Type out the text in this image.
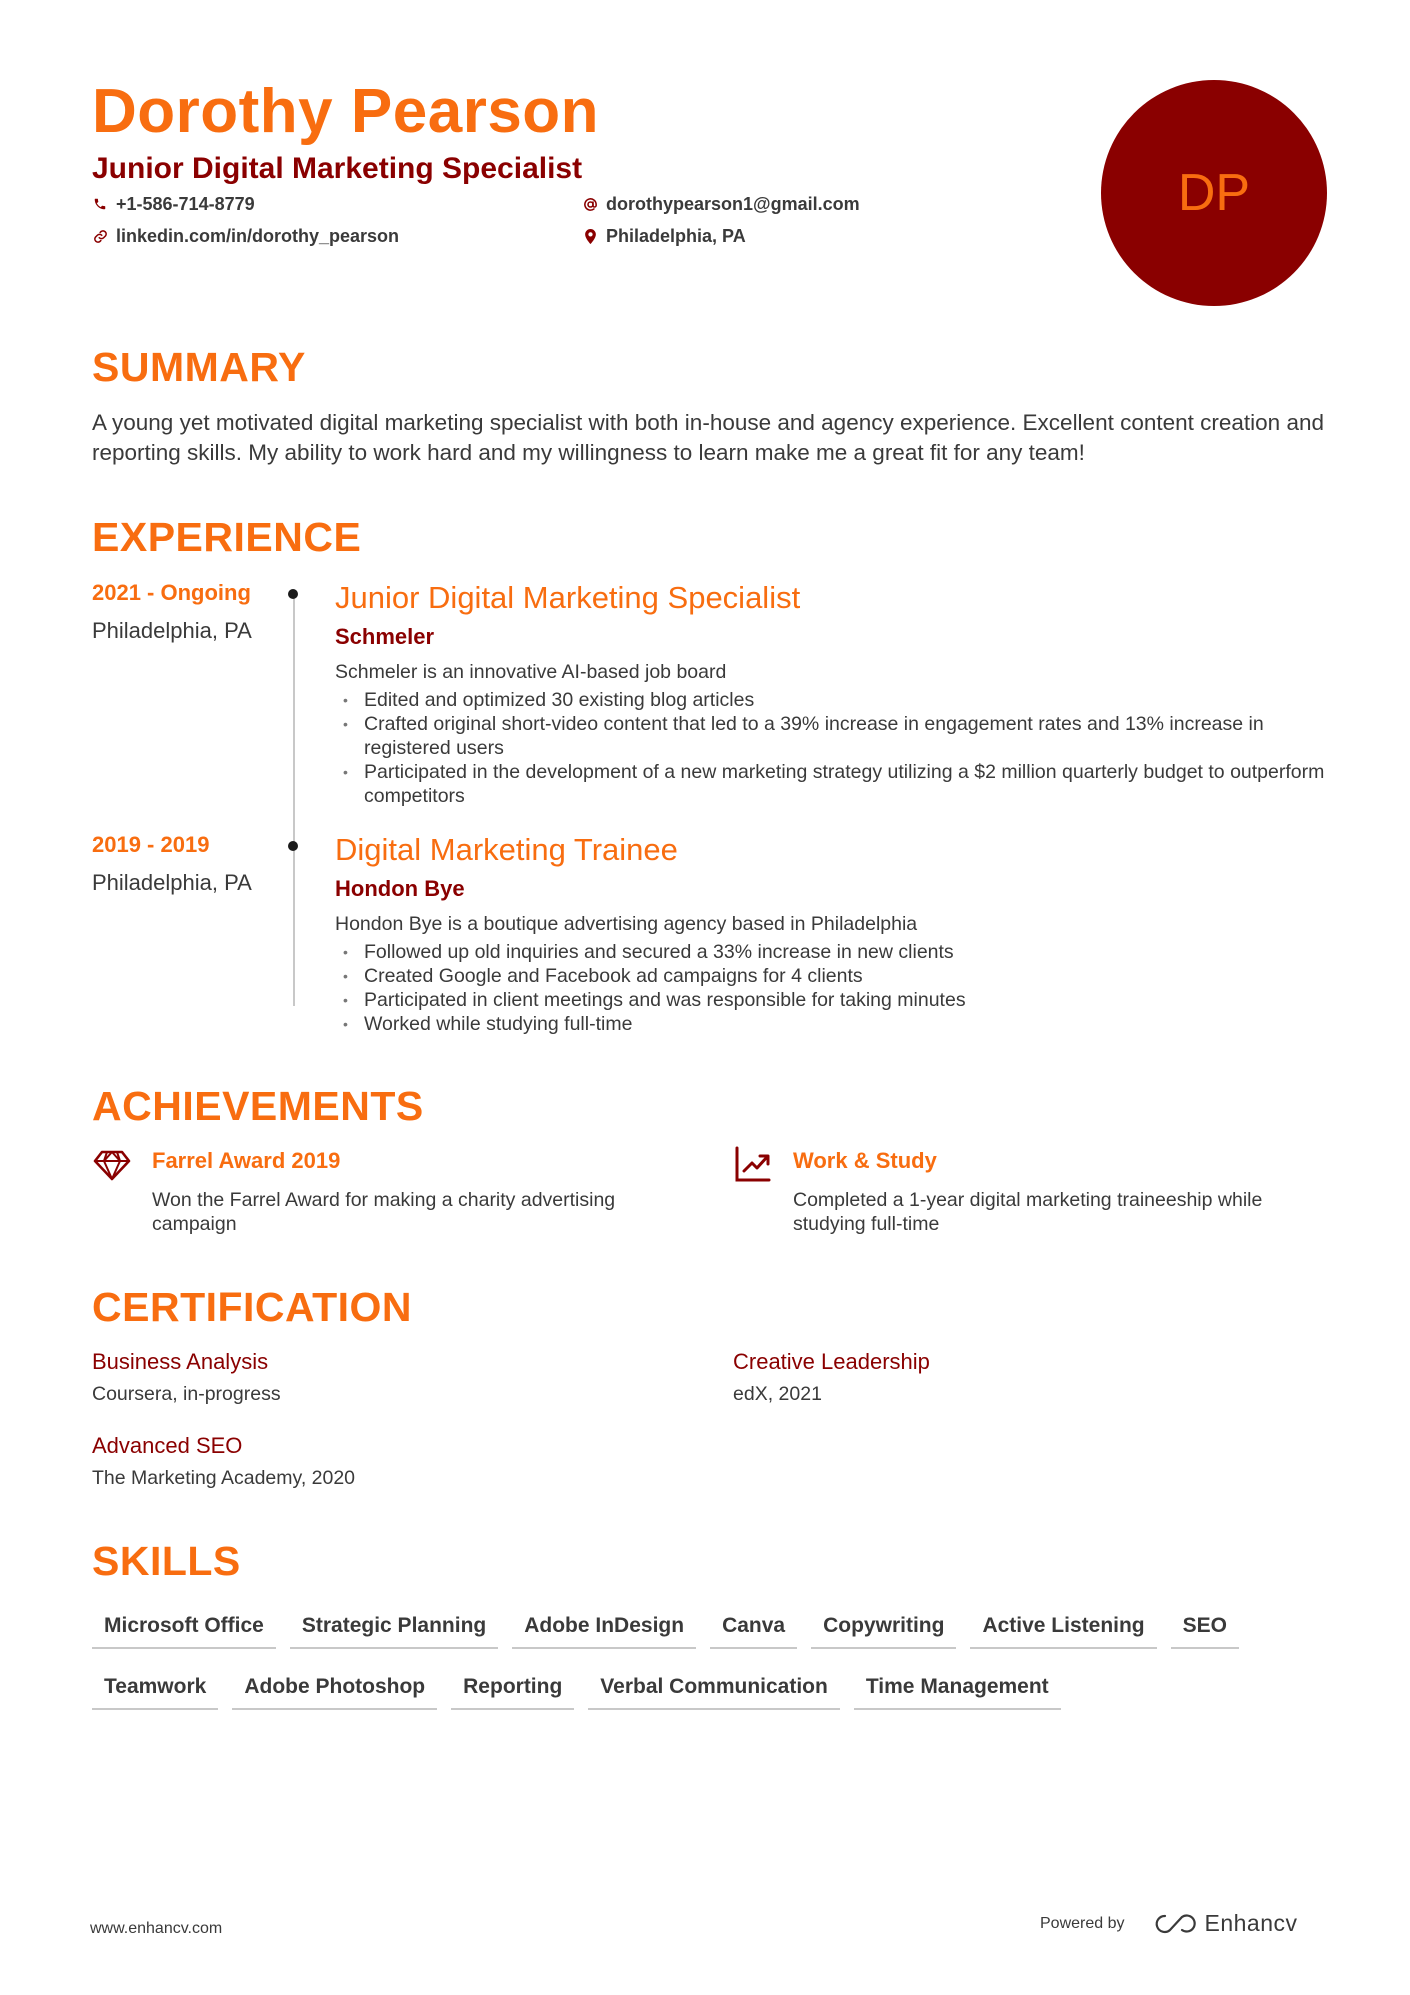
Dorothy Pearson
Junior Digital Marketing Specialist
+1-586-714-8779	dorothypearson1@gmail.com
linkedin.com/in/dorothy_pearson	Philadelphia, PA
DP
SUMMARY
A young yet motivated digital marketing specialist with both in-house and agency experience. Excellent content creation and reporting skills. My ability to work hard and my willingness to learn make me a great fit for any team!
EXPERIENCE
2021 - Ongoing
Philadelphia, PA
Junior Digital Marketing Specialist
Schmeler
Schmeler is an innovative AI-based job board
• Edited and optimized 30 existing blog articles
• Crafted original short-video content that led to a 39% increase in engagement rates and 13% increase in registered users
• Participated in the development of a new marketing strategy utilizing a $2 million quarterly budget to outperform competitors
2019 - 2019
Philadelphia, PA
Digital Marketing Trainee
Hondon Bye
Hondon Bye is a boutique advertising agency based in Philadelphia
• Followed up old inquiries and secured a 33% increase in new clients
• Created Google and Facebook ad campaigns for 4 clients
• Participated in client meetings and was responsible for taking minutes
• Worked while studying full-time
ACHIEVEMENTS
Farrel Award 2019
Won the Farrel Award for making a charity advertising campaign
Work & Study
Completed a 1-year digital marketing traineeship while studying full-time
CERTIFICATION
Business Analysis
Coursera, in-progress
Creative Leadership
edX, 2021
Advanced SEO
The Marketing Academy, 2020
SKILLS
Microsoft Office	Strategic Planning	Adobe InDesign	Canva	Copywriting	Active Listening	SEO
Teamwork	Adobe Photoshop	Reporting	Verbal Communication	Time Management
www.enhancv.com	Powered by	Enhancv
